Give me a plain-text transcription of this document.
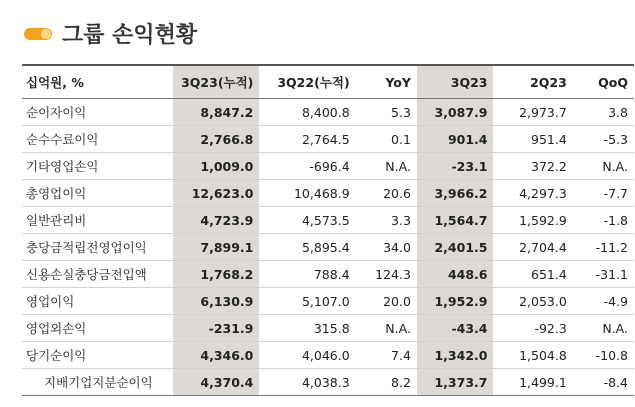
그룹 손익현황
십억원, %	3Q23(누적)	3Q22(누적)	YoY	3Q23	2Q23	QoQ
순이자이익	8,847.2	8,400.8	5.3	3,087.9	2,973.7	3.8
순수수료이익	2,766.8	2,764.5	0.1	901.4	951.4	-5.3
기타영업손익	1,009.0	-696.4	N.A.	-23.1	372.2	N.A.
총영업이익	12,623.0	10,468.9	20.6	3,966.2	4,297.3	-7.7
일반관리비	4,723.9	4,573.5	3.3	1,564.7	1,592.9	-1.8
충당금적립전영업이익	7,899.1	5,895.4	34.0	2,401.5	2,704.4	-11.2
신용손실충당금전입액	1,768.2	788.4	124.3	448.6	651.4	-31.1
영업이익	6,130.9	5,107.0	20.0	1,952.9	2,053.0	-4.9
영업외손익	-231.9	315.8	N.A.	-43.4	-92.3	N.A.
당기순이익	4,346.0	4,046.0	7.4	1,342.0	1,504.8	-10.8
지배기업지분순이익	4,370.4	4,038.3	8.2	1,373.7	1,499.1	-8.4
